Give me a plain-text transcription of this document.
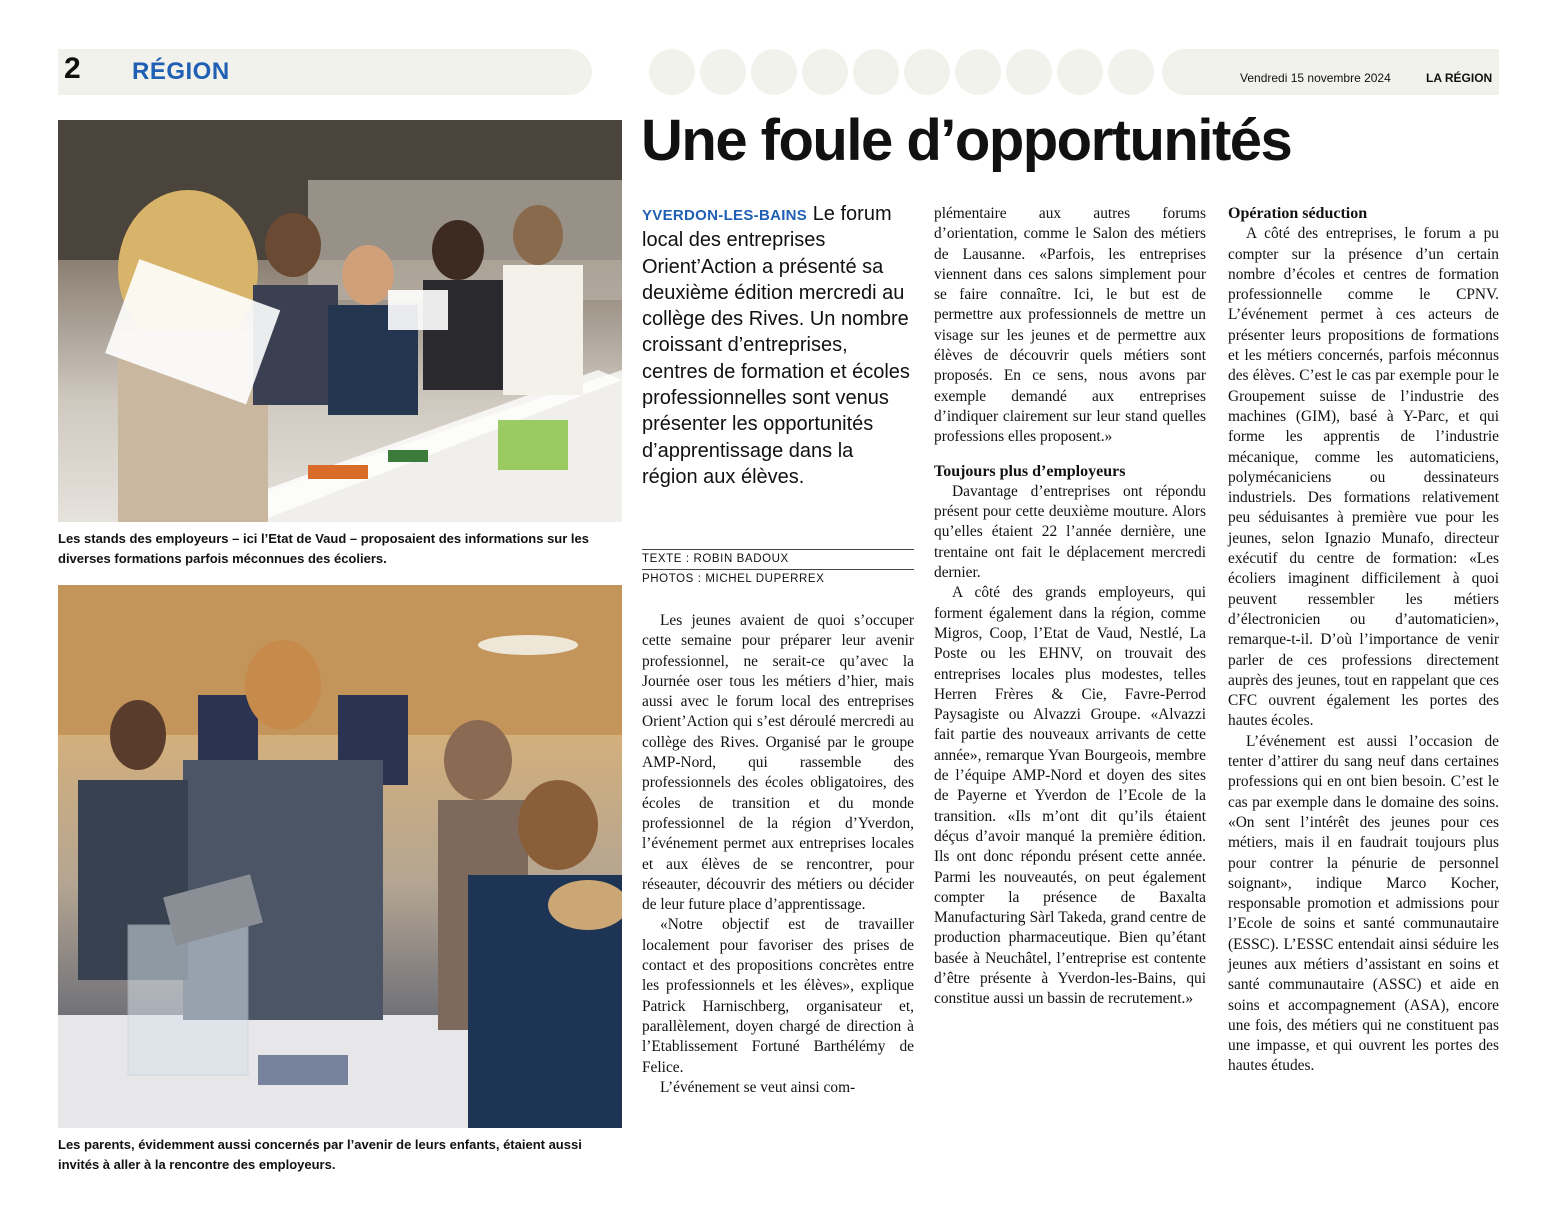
2 RÉGION	Vendredi 15 novembre 2024	LA RÉGION
Les stands des employeurs – ici l’Etat de Vaud – proposaient des informations sur les diverses formations parfois méconnues des écoliers.
Les parents, évidemment aussi concernés par l’avenir de leurs enfants, étaient aussi invités à aller à la rencontre des employeurs.
Une foule d’opportunités
YVERDON-LES-BAINS Le forum local des entreprises Orient’Action a présenté sa deuxième édition mercredi au collège des Rives. Un nombre croissant d’entreprises, centres de formation et écoles professionnelles sont venus présenter les opportunités d’apprentissage dans la région aux élèves.
TEXTE : ROBIN BADOUX
PHOTOS : MICHEL DUPERREX

Les jeunes avaient de quoi s’occuper cette semaine pour préparer leur avenir professionnel, ne serait-ce qu’avec la Journée oser tous les métiers d’hier, mais aussi avec le forum local des entreprises Orient’Action qui s’est déroulé mercredi au collège des Rives. Organisé par le groupe AMP-Nord, qui rassemble des professionnels des écoles obligatoires, des écoles de transition et du monde professionnel de la région d’Yverdon, l’événement permet aux entreprises locales et aux élèves de se rencontrer, pour réseauter, découvrir des métiers ou décider de leur future place d’apprentissage.

«Notre objectif est de travailler localement pour favoriser des prises de contact et des propositions concrètes entre les professionnels et les élèves», explique Patrick Harnischberg, organisateur et, parallèlement, doyen chargé de direction à l’Etablissement Fortuné Barthélémy de Felice.

L’événement se veut ainsi com-

plémentaire aux autres forums d’orientation, comme le Salon des métiers de Lausanne. «Parfois, les entreprises viennent dans ces salons simplement pour se faire connaître. Ici, le but est de permettre aux professionnels de mettre un visage sur les jeunes et de permettre aux élèves de découvrir quels métiers sont proposés. En ce sens, nous avons par exemple demandé aux entreprises d’indiquer clairement sur leur stand quelles professions elles proposent.»

Toujours plus d’employeurs

Davantage d’entreprises ont répondu présent pour cette deuxième mouture. Alors qu’elles étaient 22 l’année dernière, une trentaine ont fait le déplacement mercredi dernier.

A côté des grands employeurs, qui forment également dans la région, comme Migros, Coop, l’Etat de Vaud, Nestlé, La Poste ou les EHNV, on trouvait des entreprises locales plus modestes, telles Herren Frères & Cie, Favre-Perrod Paysagiste ou Alvazzi Groupe. «Alvazzi fait partie des nouveaux arrivants de cette année», remarque Yvan Bourgeois, membre de l’équipe AMP-Nord et doyen des sites de Payerne et Yverdon de l’Ecole de la transition. «Ils m’ont dit qu’ils étaient déçus d’avoir manqué la première édition. Ils ont donc répondu présent cette année. Parmi les nouveautés, on peut également compter la présence de Baxalta Manufacturing Sàrl Takeda, grand centre de production pharmaceutique. Bien qu’étant basée à Neuchâtel, l’entreprise est contente d’être présente à Yverdon-les-Bains, qui constitue aussi un bassin de recrutement.»

Opération séduction

A côté des entreprises, le forum a pu compter sur la présence d’un certain nombre d’écoles et centres de formation professionnelle comme le CPNV. L’événement permet à ces acteurs de présenter leurs propositions de formations et les métiers concernés, parfois méconnus des élèves. C’est le cas par exemple pour le Groupement suisse de l’industrie des machines (GIM), basé à Y-Parc, et qui forme les apprentis de l’industrie mécanique, comme les automaticiens, polymécaniciens ou dessinateurs industriels. Des formations relativement peu séduisantes à première vue pour les jeunes, selon Ignazio Munafo, directeur exécutif du centre de formation: «Les écoliers imaginent difficilement à quoi peuvent ressembler les métiers d’électronicien ou d’automaticien», remarque-t-il. D’où l’importance de venir parler de ces professions directement auprès des jeunes, tout en rappelant que ces CFC ouvrent également les portes des hautes écoles.

L’événement est aussi l’occasion de tenter d’attirer du sang neuf dans certaines professions qui en ont bien besoin. C’est le cas par exemple dans le domaine des soins. «On sent l’intérêt des jeunes pour ces métiers, mais il en faudrait toujours plus pour contrer la pénurie de personnel soignant», indique Marco Kocher, responsable promotion et admissions pour l’Ecole de soins et santé communautaire (ESSC). L’ESSC entendait ainsi séduire les jeunes aux métiers d’assistant en soins et santé communautaire (ASSC) et aide en soins et accompagnement (ASA), encore une fois, des métiers qui ne constituent pas une impasse, et qui ouvrent les portes des hautes études.
